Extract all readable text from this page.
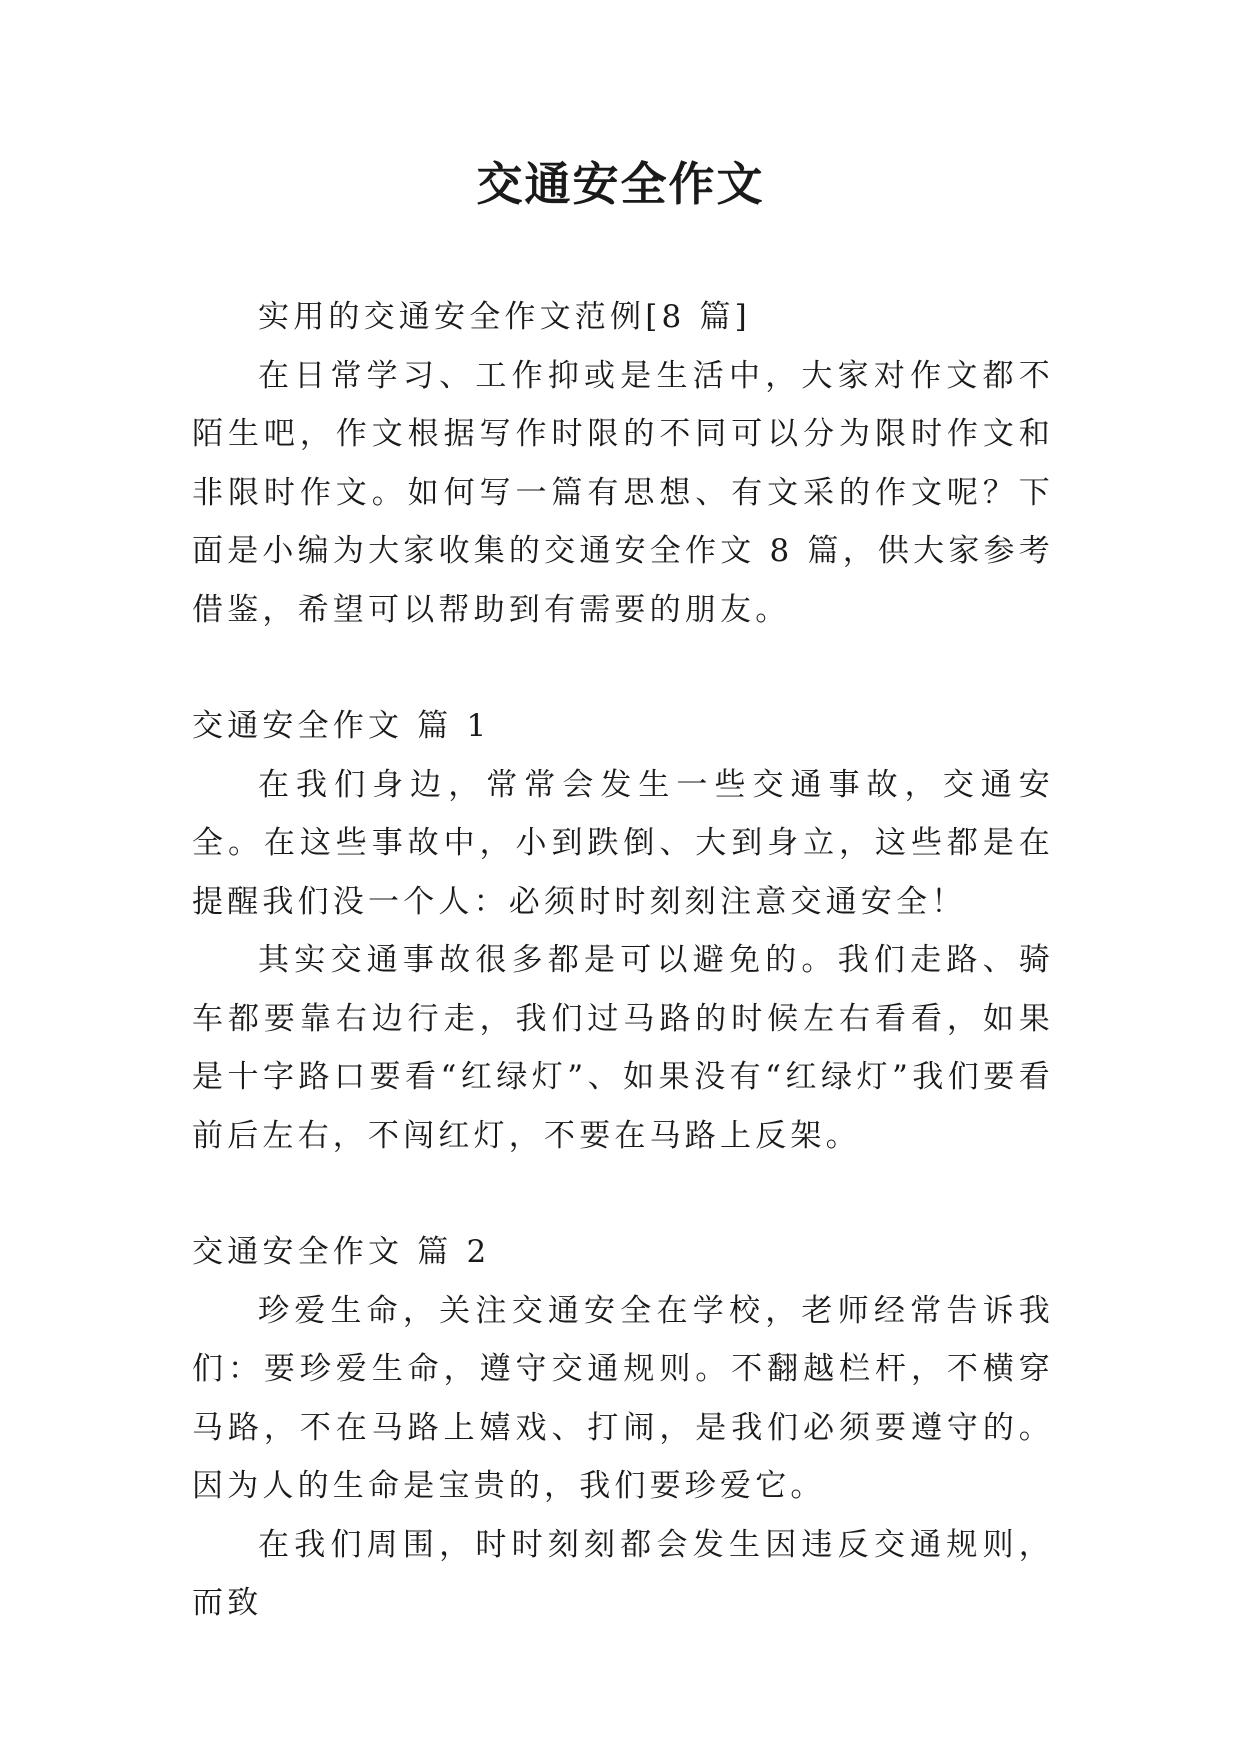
交通安全作文

实用的交通安全作文范例[8 篇]

在日常学习、工作抑或是生活中，大家对作文都不陌生吧，作文根据写作时限的不同可以分为限时作文和非限时作文。如何写一篇有思想、有文采的作文呢？下面是小编为大家收集的交通安全作文 8 篇，供大家参考借鉴，希望可以帮助到有需要的朋友。

交通安全作文 篇 1

在我们身边，常常会发生一些交通事故，交通安全。在这些事故中，小到跌倒、大到身立，这些都是在提醒我们没一个人：必须时时刻刻注意交通安全！

其实交通事故很多都是可以避免的。我们走路、骑车都要靠右边行走，我们过马路的时候左右看看，如果是十字路口要看“红绿灯”、如果没有“红绿灯”我们要看前后左右，不闯红灯，不要在马路上反架。

交通安全作文 篇 2

珍爱生命，关注交通安全在学校，老师经常告诉我们：要珍爱生命，遵守交通规则。不翻越栏杆，不横穿马路，不在马路上嬉戏、打闹，是我们必须要遵守的。因为人的生命是宝贵的，我们要珍爱它。

在我们周围，时时刻刻都会发生因违反交通规则，而致
